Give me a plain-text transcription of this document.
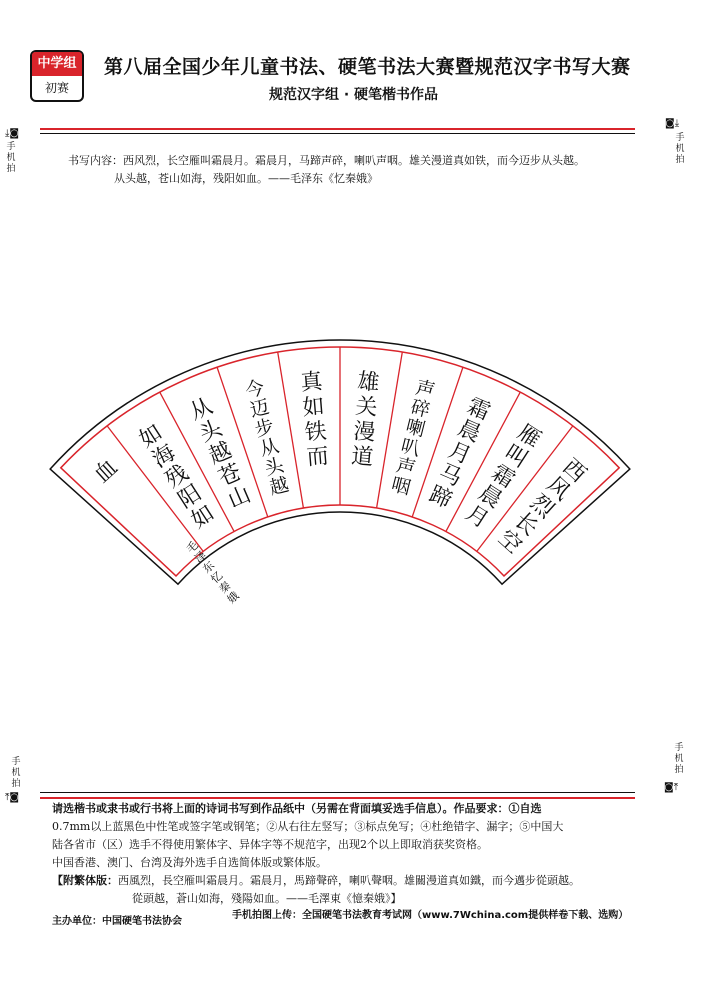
中学组
初赛
第八届全国少年儿童书法、硬笔书法大赛暨规范汉字书写大赛
规范汉字组 · 硬笔楷书作品
⤓◙
手机拍
◙⤓
手机拍
书写内容：西风烈，长空雁叫霜晨月。霜晨月，马蹄声碎，喇叭声咽。雄关漫道真如铁，而今迈步从头越。
从头越，苍山如海，残阳如血。——毛泽东《忆秦娥》
西
风
烈
长
空
雁
叫
霜
晨
月
霜
晨
月
马
蹄
声
碎
喇
叭
声
咽
雄
关
漫
道
真
如
铁
而
今
迈
步
从
头
越
从
头
越
苍
山
如
海
残
阳
如
血
毛
泽
东
忆
秦
娥
手机拍
⤒◙
手机拍
◙⤒
请选楷书或隶书或行书将上面的诗词书写到作品纸中（另需在背面填妥选手信息）。作品要求：①自选
0.7mm以上蓝黑色中性笔或签字笔或钢笔；②从右往左竖写；③标点免写；④杜绝错字、漏字；⑤中国大
陆各省市（区）选手不得使用繁体字、异体字等不规范字，出现2个以上即取消获奖资格。
中国香港、澳门、台湾及海外选手自选简体版或繁体版。
【附繁体版：西風烈，長空雁叫霜晨月。霜晨月，馬蹄聲碎，喇叭聲咽。雄關漫道真如鐵，而今邁步從頭越。
從頭越，蒼山如海，殘陽如血。——毛澤東《憶秦娥》】
主办单位：中国硬笔书法协会
手机拍图上传：全国硬笔书法教育考试网（www.7Wchina.com提供样卷下载、选购）
